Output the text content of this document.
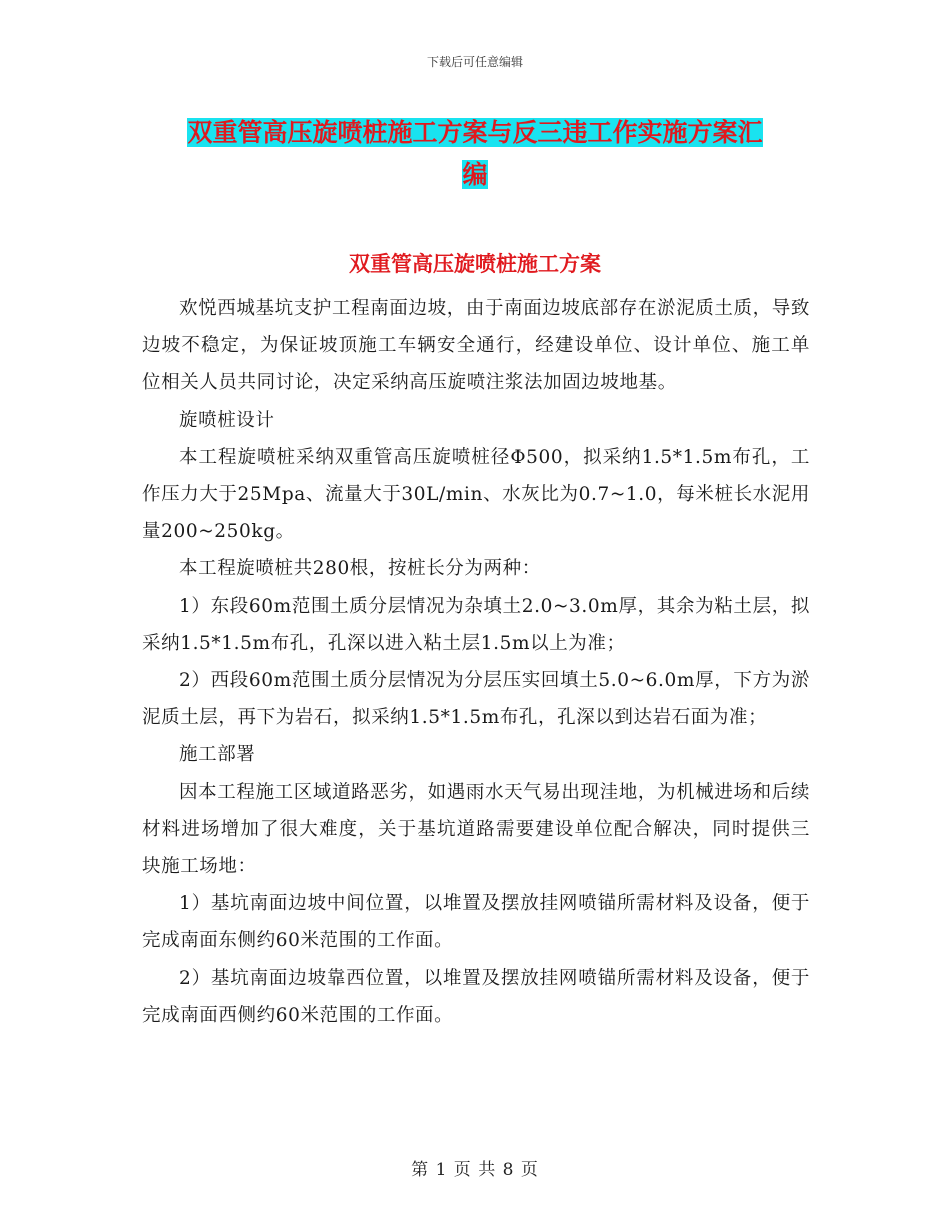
下载后可任意编辑
双重管高压旋喷桩施工方案与反三违工作实施方案汇
编
双重管高压旋喷桩施工方案

欢悦西城基坑支护工程南面边坡，由于南面边坡底部存在淤泥质土质，导致边坡不稳定，为保证坡顶施工车辆安全通行，经建设单位、设计单位、施工单位相关人员共同讨论，决定采纳高压旋喷注浆法加固边坡地基。

旋喷桩设计

本工程旋喷桩采纳双重管高压旋喷桩径Φ500，拟采纳1.5*1.5m布孔，工作压力大于25Mpa、流量大于30L/min、水灰比为0.7~1.0，每米桩长水泥用量200~250kg。

本工程旋喷桩共280根，按桩长分为两种：

1）东段60m范围土质分层情况为杂填土2.0~3.0m厚，其余为粘土层，拟采纳1.5*1.5m布孔，孔深以进入粘土层1.5m以上为准；

2）西段60m范围土质分层情况为分层压实回填土5.0~6.0m厚，下方为淤泥质土层，再下为岩石，拟采纳1.5*1.5m布孔，孔深以到达岩石面为准；

施工部署

因本工程施工区域道路恶劣，如遇雨水天气易出现洼地，为机械进场和后续材料进场增加了很大难度，关于基坑道路需要建设单位配合解决，同时提供三块施工场地：

1）基坑南面边坡中间位置，以堆置及摆放挂网喷锚所需材料及设备，便于完成南面东侧约60米范围的工作面。

2）基坑南面边坡靠西位置，以堆置及摆放挂网喷锚所需材料及设备，便于完成南面西侧约60米范围的工作面。

第 1 页 共 8 页
